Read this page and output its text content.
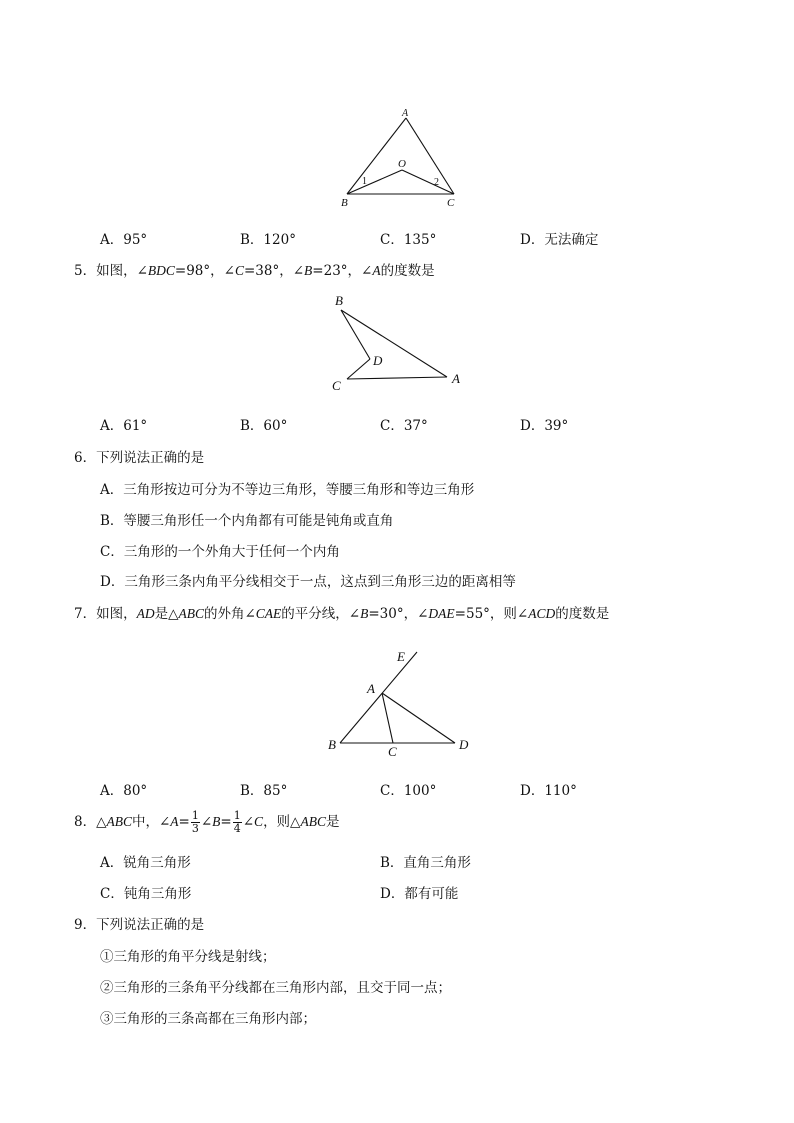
A
O
B	C
1	2
A．95°	B．120°	C．135°	D．无法确定
5．如图，∠BDC=98°，∠C=38°，∠B=23°，∠A的度数是
B
D
C	A
A．61°	B．60°	C．37°	D．39°
6．下列说法正确的是
A．三角形按边可分为不等边三角形，等腰三角形和等边三角形
B．等腰三角形任一个内角都有可能是钝角或直角
C．三角形的一个外角大于任何一个内角
D．三角形三条内角平分线相交于一点，这点到三角形三边的距离相等
7．如图，AD是△ABC的外角∠CAE的平分线，∠B=30°，∠DAE=55°，则∠ACD的度数是
E
A
B	C	D
A．80°	B．85°	C．100°	D．110°
8．△ABC中，∠A= $\frac{1}{3}$ ∠B= $\frac{1}{4}$ ∠C，则△ABC是
A．锐角三角形	B．直角三角形
C．钝角三角形	D．都有可能
9．下列说法正确的是
①三角形的角平分线是射线；
②三角形的三条角平分线都在三角形内部，且交于同一点；
③三角形的三条高都在三角形内部；
